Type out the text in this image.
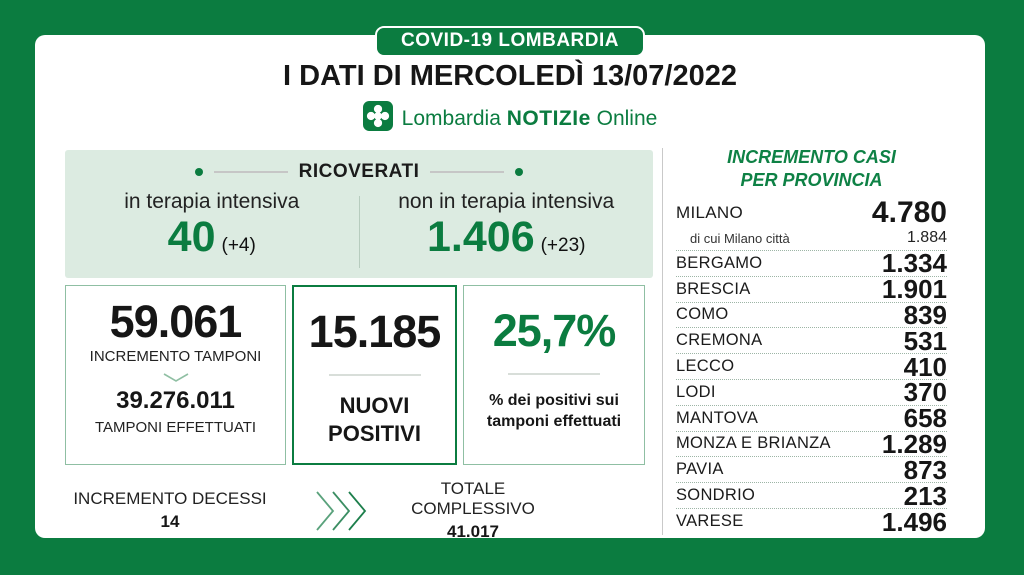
COVID-19 LOMBARDIA
I DATI DI MERCOLEDÌ 13/07/2022
Lombardia NOTIZIe Online
RICOVERATI
in terapia intensiva
40 (+4)
non in terapia intensiva
1.406 (+23)
59.061
INCREMENTO TAMPONI
39.276.011
TAMPONI EFFETTUATI
15.185
NUOVI POSITIVI
25,7%
% dei positivi sui tamponi effettuati
INCREMENTO DECESSI
14
TOTALE COMPLESSIVO
41.017
INCREMENTO CASI
PER PROVINCIA
MILANO	4.780
di cui Milano città	1.884
BERGAMO	1.334
BRESCIA	1.901
COMO	839
CREMONA	531
LECCO	410
LODI	370
MANTOVA	658
MONZA E BRIANZA 1.289
PAVIA	873
SONDRIO	213
VARESE	1.496
